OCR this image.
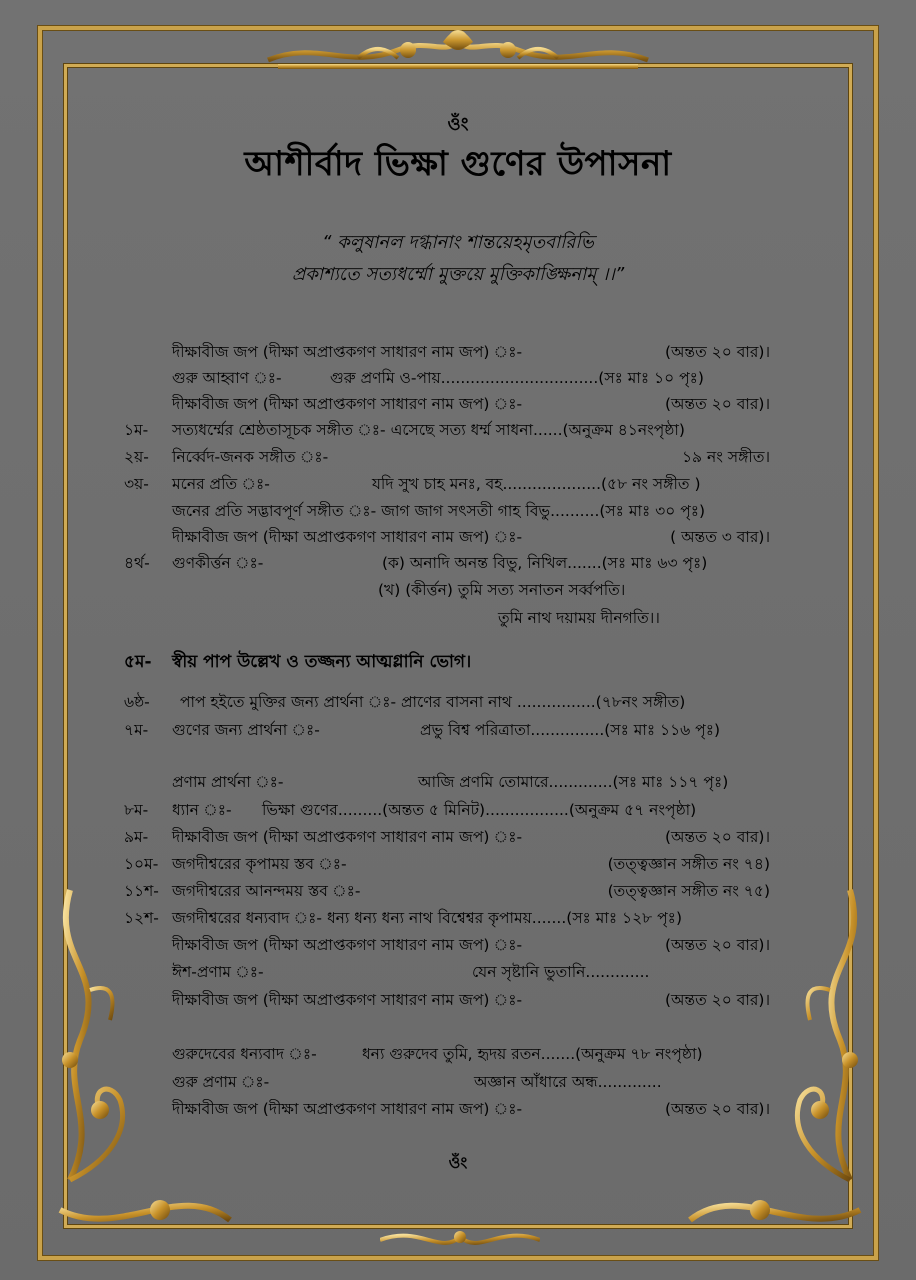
ওঁং
আশীর্বাদ ভিক্ষা গুণের উপাসনা
“ কলুষানল দগ্ধানাং শান্তয়েহমৃতবারিভি
প্রকাশ্যতে সত্যধর্ম্মো মুক্তয়ে মুক্তিকাঙ্ক্ষিনাম্ ।।”
দীক্ষাবীজ জপ (দীক্ষা অপ্রাপ্তকগণ সাধারণ নাম জপ) ঃ-	(অন্তত ২০ বার)।
গুরু আহ্বাণ ঃ-	গুরু প্রণমি ও-পায়................................(সঃ মাঃ ১০ পৃঃ)
দীক্ষাবীজ জপ (দীক্ষা অপ্রাপ্তকগণ সাধারণ নাম জপ) ঃ-	(অন্তত ২০ বার)।
১ম- সত্যধর্ম্মের শ্রেষ্ঠতাসূচক সঙ্গীত ঃ- এসেছে সত্য ধর্ম্ম সাধনা......(অনুক্রম ৪১নংপৃষ্ঠা)
২য়- নির্ব্বেদ-জনক সঙ্গীত ঃ-	১৯ নং সঙ্গীত।
৩য়- মনের প্রতি ঃ-	যদি সুখ চাহ মনঃ, বহ....................(৫৮ নং সঙ্গীত )
জনের প্রতি সদ্ভাবপূর্ণ সঙ্গীত ঃ- জাগ জাগ সৎসতী গাহ বিভু..........(সঃ মাঃ ৩০ পৃঃ)
দীক্ষাবীজ জপ (দীক্ষা অপ্রাপ্তকগণ সাধারণ নাম জপ) ঃ-	( অন্তত ৩ বার)।
৪র্থ- গুণকীর্ত্তন ঃ-	(ক) অনাদি অনন্ত বিভু, নিখিল.......(সঃ মাঃ ৬৩ পৃঃ)
(খ) (কীর্ত্তন) তুমি সত্য সনাতন সর্ব্বপতি।
তুমি নাথ দয়াময় দীনগতি।।
৫ম- স্বীয় পাপ উল্লেখ ও তজ্জন্য আত্মগ্লানি ভোগ।
৬ষ্ঠ- পাপ হইতে মুক্তির জন্য প্রার্থনা ঃ- প্রাণের বাসনা নাথ ................(৭৮নং সঙ্গীত)
৭ম- গুণের জন্য প্রার্থনা ঃ-	প্রভু বিশ্ব পরিত্রাতা...............(সঃ মাঃ ১১৬ পৃঃ)
প্রণাম প্রার্থনা ঃ-	আজি প্রণমি তোমারে.............(সঃ মাঃ ১১৭ পৃঃ)
৮ম- ধ্যান ঃ- ভিক্ষা গুণের.........(অন্তত ৫ মিনিট).................(অনুক্রম ৫৭ নংপৃষ্ঠা)
৯ম- দীক্ষাবীজ জপ (দীক্ষা অপ্রাপ্তকগণ সাধারণ নাম জপ) ঃ-	(অন্তত ২০ বার)।
১০ম- জগদীশ্বরের কৃপাময় স্তব ঃ-	(তত্ত্বজ্ঞান সঙ্গীত নং ৭৪)
১১শ- জগদীশ্বরের আনন্দময় স্তব ঃ-	(তত্ত্বজ্ঞান সঙ্গীত নং ৭৫)
১২শ- জগদীশ্বরের ধন্যবাদ ঃ- ধন্য ধন্য ধন্য নাথ বিশ্বেশ্বর কৃপাময়.......(সঃ মাঃ ১২৮ পৃঃ)
দীক্ষাবীজ জপ (দীক্ষা অপ্রাপ্তকগণ সাধারণ নাম জপ) ঃ-	(অন্তত ২০ বার)।
ঈশ-প্রণাম ঃ-	যেন সৃষ্টানি ভুতানি.............
দীক্ষাবীজ জপ (দীক্ষা অপ্রাপ্তকগণ সাধারণ নাম জপ) ঃ-	(অন্তত ২০ বার)।
গুরুদেবের ধন্যবাদ ঃ-	ধন্য গুরুদেব তুমি, হৃদয় রতন.......(অনুক্রম ৭৮ নংপৃষ্ঠা)
গুরু প্রণাম ঃ-	অজ্ঞান আঁধারে অন্ধ.............
দীক্ষাবীজ জপ (দীক্ষা অপ্রাপ্তকগণ সাধারণ নাম জপ) ঃ-	(অন্তত ২০ বার)।
ওঁং
